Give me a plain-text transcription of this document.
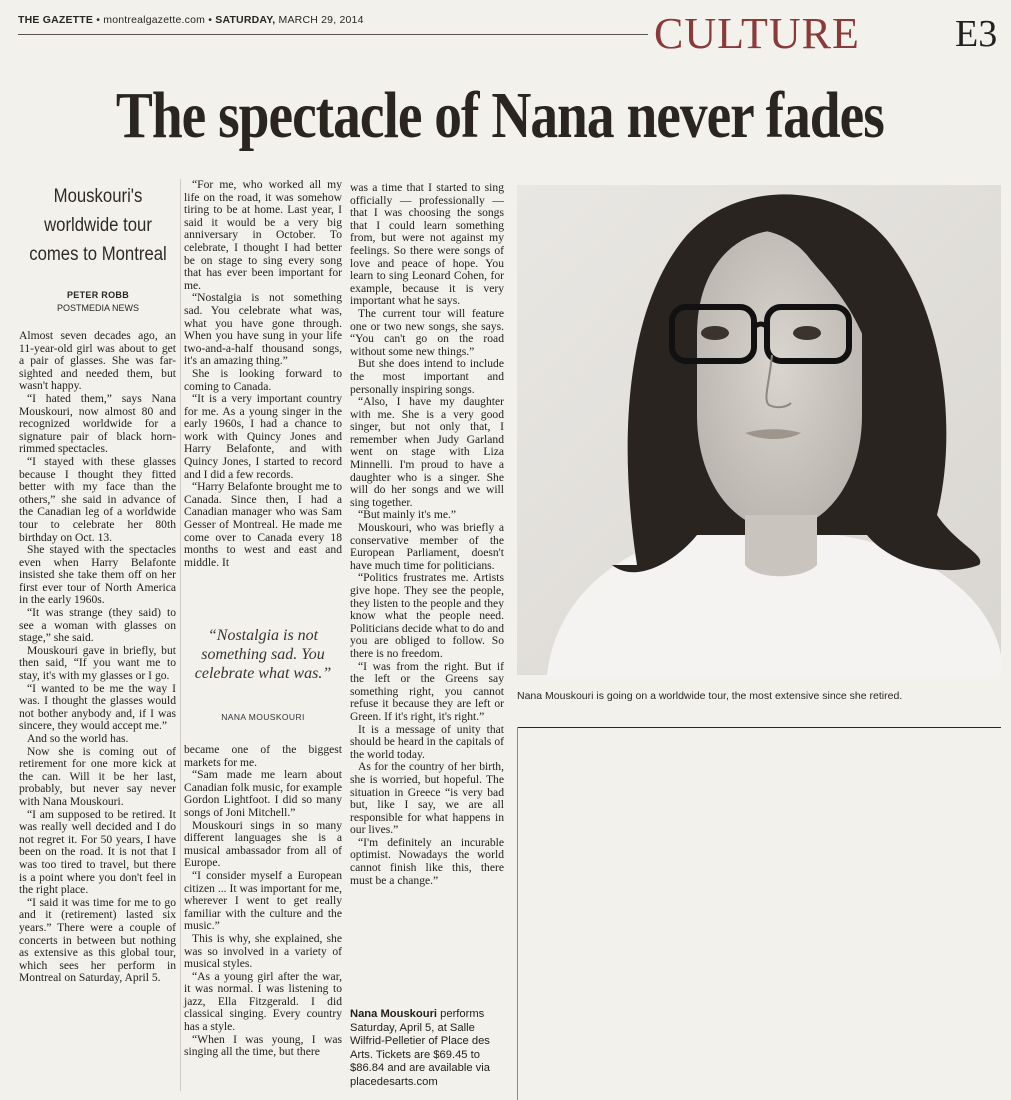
THE GAZETTE • montrealgazette.com • SATURDAY, MARCH 29, 2014	CULTURE	E3
The spectacle of Nana never fades
Mouskouri's worldwide tour comes to Montreal
PETER ROBB
POSTMEDIA NEWS

Almost seven decades ago, an 11-year-old girl was about to get a pair of glasses. She was far-sighted and needed them, but wasn't happy.

“I hated them,” says Nana Mouskouri, now almost 80 and recognized worldwide for a signature pair of black horn-rimmed spectacles.

“I stayed with these glasses because I thought they fitted better with my face than the others,” she said in advance of the Canadian leg of a worldwide tour to celebrate her 80th birthday on Oct. 13.

She stayed with the spectacles even when Harry Belafonte insisted she take them off on her first ever tour of North America in the early 1960s.

“It was strange (they said) to see a woman with glasses on stage,” she said.

Mouskouri gave in briefly, but then said, “If you want me to stay, it's with my glasses or I go.

“I wanted to be me the way I was. I thought the glasses would not bother anybody and, if I was sincere, they would accept me.”

And so the world has.

Now she is coming out of retirement for one more kick at the can. Will it be her last, probably, but never say never with Nana Mouskouri.

“I am supposed to be retired. It was really well decided and I do not regret it. For 50 years, I have been on the road. It is not that I was too tired to travel, but there is a point where you don't feel in the right place.

“I said it was time for me to go and it (retirement) lasted six years.” There were a couple of concerts in between but nothing as extensive as this global tour, which sees her perform in Montreal on Saturday, April 5.

“For me, who worked all my life on the road, it was somehow tiring to be at home. Last year, I said it would be a very big anniversary in October. To celebrate, I thought I had better be on stage to sing every song that has ever been important for me.

“Nostalgia is not something sad. You celebrate what was, what you have gone through. When you have sung in your life two-and-a-half thousand songs, it's an amazing thing.”

She is looking forward to coming to Canada.

“It is a very important country for me. As a young singer in the early 1960s, I had a chance to work with Quincy Jones and Harry Belafonte, and with Quincy Jones, I started to record and I did a few records.

“Harry Belafonte brought me to Canada. Since then, I had a Canadian manager who was Sam Gesser of Montreal. He made me come over to Canada every 18 months to west and east and middle. It

“Nostalgia is not something sad. You celebrate what was.”
NANA MOUSKOURI

became one of the biggest markets for me.

“Sam made me learn about Canadian folk music, for example Gordon Lightfoot. I did so many songs of Joni Mitchell.”

Mouskouri sings in so many different languages she is a musical ambassador from all of Europe.

“I consider myself a European citizen ... It was important for me, wherever I went to get really familiar with the culture and the music.”

This is why, she explained, she was so involved in a variety of musical styles.

“As a young girl after the war, it was normal. I was listening to jazz, Ella Fitzgerald. I did classical singing. Every country has a style.

“When I was young, I was singing all the time, but there

was a time that I started to sing officially — professionally — that I was choosing the songs that I could learn something from, but were not against my feelings. So there were songs of love and peace of hope. You learn to sing Leonard Cohen, for example, because it is very important what he says.

The current tour will feature one or two new songs, she says. “You can't go on the road without some new things.”

But she does intend to include the most important and personally inspiring songs.

“Also, I have my daughter with me. She is a very good singer, but not only that, I remember when Judy Garland went on stage with Liza Minnelli. I'm proud to have a daughter who is a singer. She will do her songs and we will sing together.

“But mainly it's me.”

Mouskouri, who was briefly a conservative member of the European Parliament, doesn't have much time for politicians.

“Politics frustrates me. Artists give hope. They see the people, they listen to the people and they know what the people need. Politicians decide what to do and you are obliged to follow. So there is no freedom.

“I was from the right. But if the left or the Greens say something right, you cannot refuse it because they are left or Green. If it's right, it's right.”

It is a message of unity that should be heard in the capitals of the world today.

As for the country of her birth, she is worried, but hopeful. The situation in Greece “is very bad but, like I say, we are all responsible for what happens in our lives.”

“I'm definitely an incurable optimist. Nowadays the world cannot finish like this, there must be a change.”

Nana Mouskouri performs Saturday, April 5, at Salle Wilfrid-Pelletier of Place des Arts. Tickets are $69.45 to $86.84 and are available via placedesarts.com
Nana Mouskouri is going on a worldwide tour, the most extensive since she retired.
